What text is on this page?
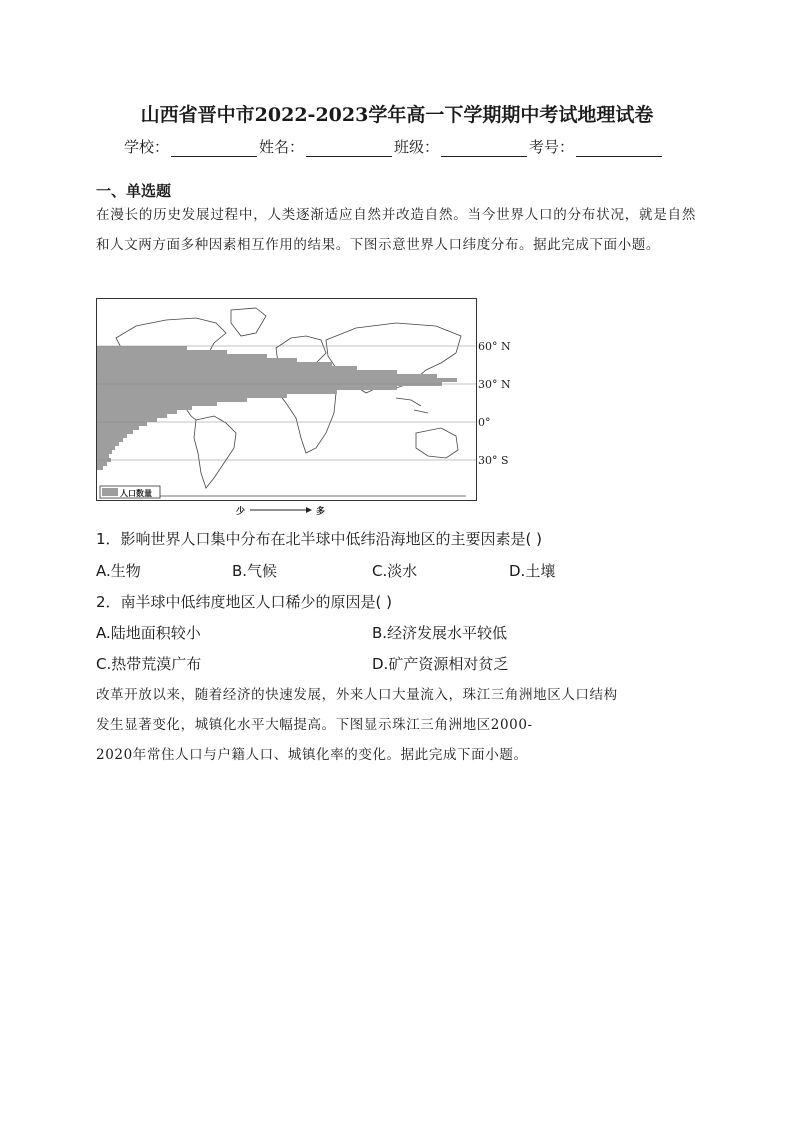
山西省晋中市2022-2023学年高一下学期期中考试地理试卷
学校：	姓名：	班级：	考号：
一、单选题
在漫长的历史发展过程中，人类逐渐适应自然并改造自然。当今世界人口的分布状况，就是自然和人文两方面多种因素相互作用的结果。下图示意世界人口纬度分布。据此完成下面小题。
60° N
30° N
0°
30° S
人口数量
少	多
1．影响世界人口集中分布在北半球中低纬沿海地区的主要因素是( )
A.生物	B.气候	C.淡水	D.土壤
2．南半球中低纬度地区人口稀少的原因是( )
A.陆地面积较小	B.经济发展水平较低
C.热带荒漠广布	D.矿产资源相对贫乏
改革开放以来，随着经济的快速发展，外来人口大量流入，珠江三角洲地区人口结构
发生显著变化，城镇化水平大幅提高。下图显示珠江三角洲地区2000-
2020年常住人口与户籍人口、城镇化率的变化。据此完成下面小题。
